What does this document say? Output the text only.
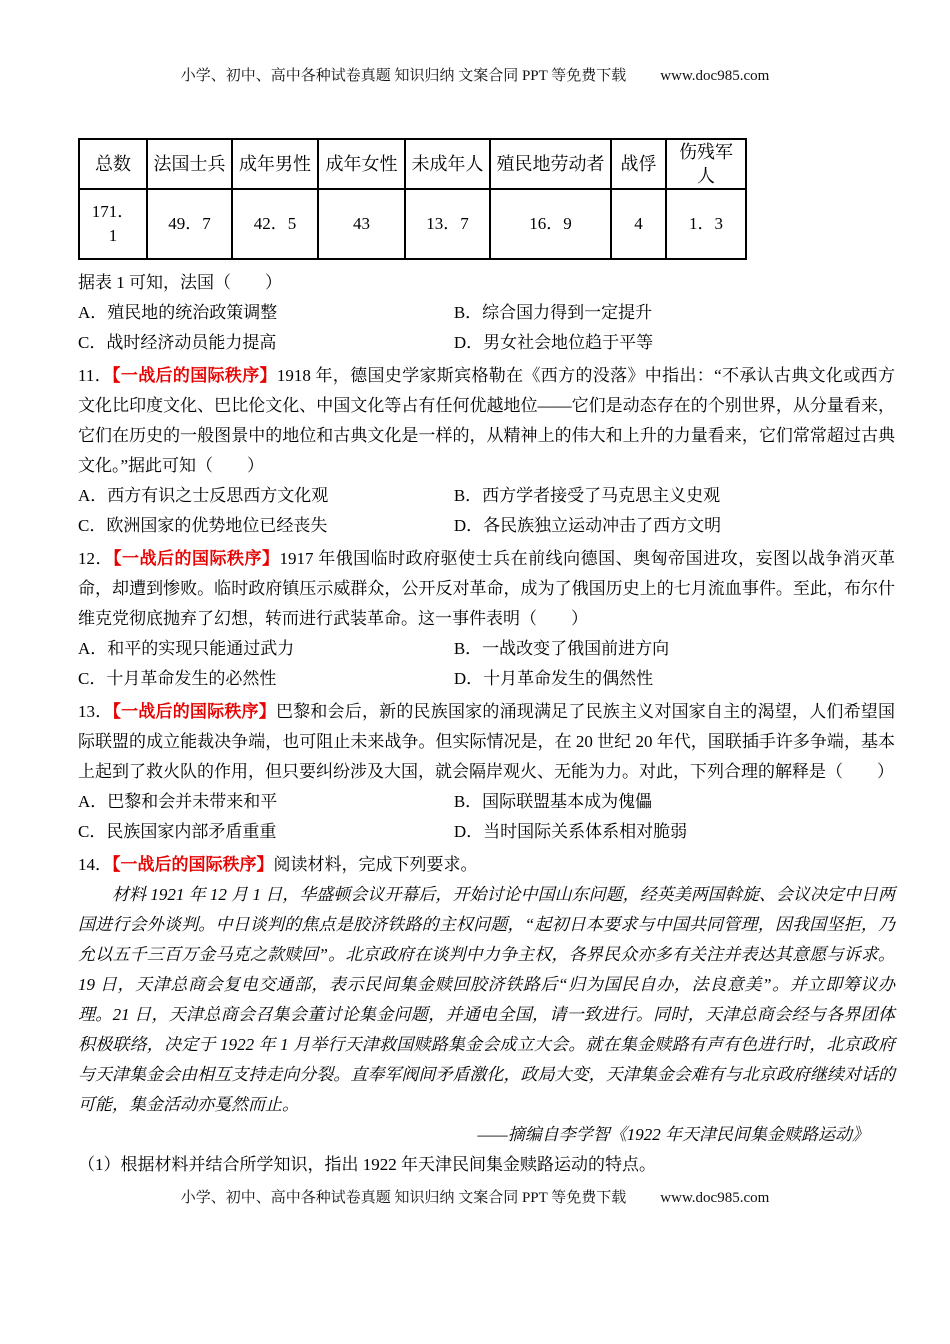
小学、初中、高中各种试卷真题 知识归纳 文案合同 PPT 等免费下载 www.doc985.com
总数	法国士兵	成年男性	成年女性	未成年人	殖民地劳动者	战俘	伤残军人
171．1	49．7	42．5	43	13．7	16．9	4	1．3

据表 1 可知，法国（　　）

A．殖民地的统治政策调整	B．综合国力得到一定提升
C．战时经济动员能力提高	D．男女社会地位趋于平等

11．【一战后的国际秩序】1918 年，德国史学家斯宾格勒在《西方的没落》中指出：“不承认古典文化或西方文化比印度文化、巴比伦文化、中国文化等占有任何优越地位——它们是动态存在的个别世界，从分量看来，它们在历史的一般图景中的地位和古典文化是一样的，从精神上的伟大和上升的力量看来，它们常常超过古典文化。”据此可知（　　）

A．西方有识之士反思西方文化观	B．西方学者接受了马克思主义史观
C．欧洲国家的优势地位已经丧失	D．各民族独立运动冲击了西方文明

12．【一战后的国际秩序】1917 年俄国临时政府驱使士兵在前线向德国、奥匈帝国进攻，妄图以战争消灭革命，却遭到惨败。临时政府镇压示威群众，公开反对革命，成为了俄国历史上的七月流血事件。至此，布尔什维克党彻底抛弃了幻想，转而进行武装革命。这一事件表明（　　）

A．和平的实现只能通过武力	B．一战改变了俄国前进方向
C．十月革命发生的必然性	D．十月革命发生的偶然性

13．【一战后的国际秩序】巴黎和会后，新的民族国家的涌现满足了民族主义对国家自主的渴望，人们希望国际联盟的成立能裁决争端，也可阻止未来战争。但实际情况是，在 20 世纪 20 年代，国联插手许多争端，基本上起到了救火队的作用，但只要纠纷涉及大国，就会隔岸观火、无能为力。对此，下列合理的解释是（　　）

A．巴黎和会并未带来和平	B．国际联盟基本成为傀儡
C．民族国家内部矛盾重重	D．当时国际关系体系相对脆弱

14．【一战后的国际秩序】阅读材料，完成下列要求。

材料 1921 年 12 月 1 日，华盛顿会议开幕后，开始讨论中国山东问题，经英美两国斡旋、会议决定中日两国进行会外谈判。中日谈判的焦点是胶济铁路的主权问题，“起初日本要求与中国共同管理，因我国坚拒，乃允以五千三百万金马克之款赎回”。北京政府在谈判中力争主权，各界民众亦多有关注并表达其意愿与诉求。19 日，天津总商会复电交通部，表示民间集金赎回胶济铁路后“归为国民自办，法良意美”。并立即筹议办理。21 日，天津总商会召集会董讨论集金问题，并通电全国，请一致进行。同时，天津总商会经与各界团体积极联络，决定于 1922 年 1 月举行天津救国赎路集金会成立大会。就在集金赎路有声有色进行时，北京政府与天津集金会由相互支持走向分裂。直奉军阀间矛盾激化，政局大变，天津集金会难有与北京政府继续对话的可能，集金活动亦戛然而止。

——摘编自李学智《1922 年天津民间集金赎路运动》

（1）根据材料并结合所学知识，指出 1922 年天津民间集金赎路运动的特点。

小学、初中、高中各种试卷真题 知识归纳 文案合同 PPT 等免费下载 www.doc985.com
